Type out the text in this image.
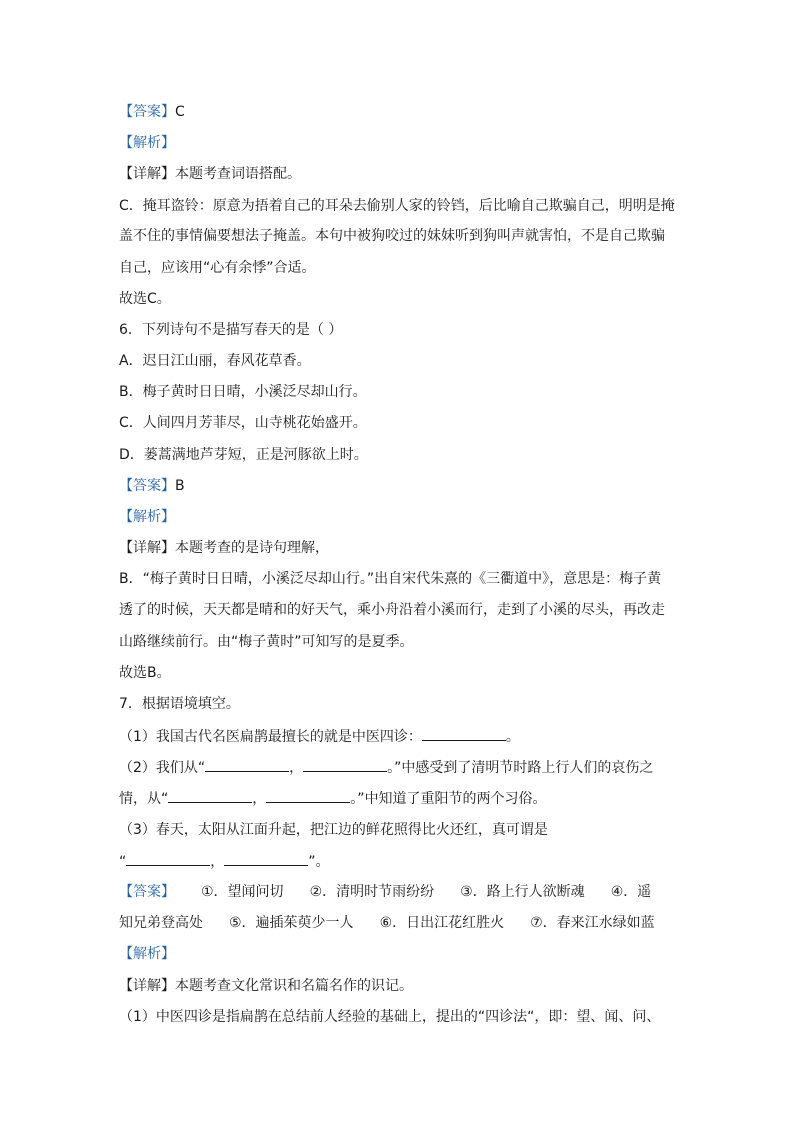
【答案】C
【解析】
【详解】本题考查词语搭配。
C．掩耳盗铃：原意为捂着自己的耳朵去偷别人家的铃铛，后比喻自己欺骗自己，明明是掩
盖不住的事情偏要想法子掩盖。本句中被狗咬过的妹妹听到狗叫声就害怕，不是自己欺骗
自己，应该用“心有余悸”合适。
故选C。
6．下列诗句不是描写春天的是（ ）
A．迟日江山丽，春风花草香。
B．梅子黄时日日晴，小溪泛尽却山行。
C．人间四月芳菲尽，山寺桃花始盛开。
D．蒌蒿满地芦芽短，正是河豚欲上时。
【答案】B
【解析】
【详解】本题考查的是诗句理解，
B．“梅子黄时日日晴，小溪泛尽却山行。”出自宋代朱熹的《三衢道中》，意思是：梅子黄
透了的时候，天天都是晴和的好天气，乘小舟沿着小溪而行，走到了小溪的尽头，再改走
山路继续前行。由“梅子黄时”可知写的是夏季。
故选B。
7．根据语境填空。
（1）我国古代名医扁鹊最擅长的就是中医四诊：	。
（2）我们从“	，	。”中感受到了清明节时路上行人们的哀伤之
情，从“	，	。”中知道了重阳节的两个习俗。
（3）春天，太阳从江面升起，把江边的鲜花照得比火还红，真可谓是
“	，	”。
【答案】 ①．望闻问切 ②．清明时节雨纷纷 ③．路上行人欲断魂 ④．遥
知兄弟登高处 ⑤．遍插茱萸少一人 ⑥．日出江花红胜火 ⑦．春来江水绿如蓝
【解析】
【详解】本题考查文化常识和名篇名作的识记。
（1）中医四诊是指扁鹊在总结前人经验的基础上，提出的“四诊法“，即：望、闻、问、
